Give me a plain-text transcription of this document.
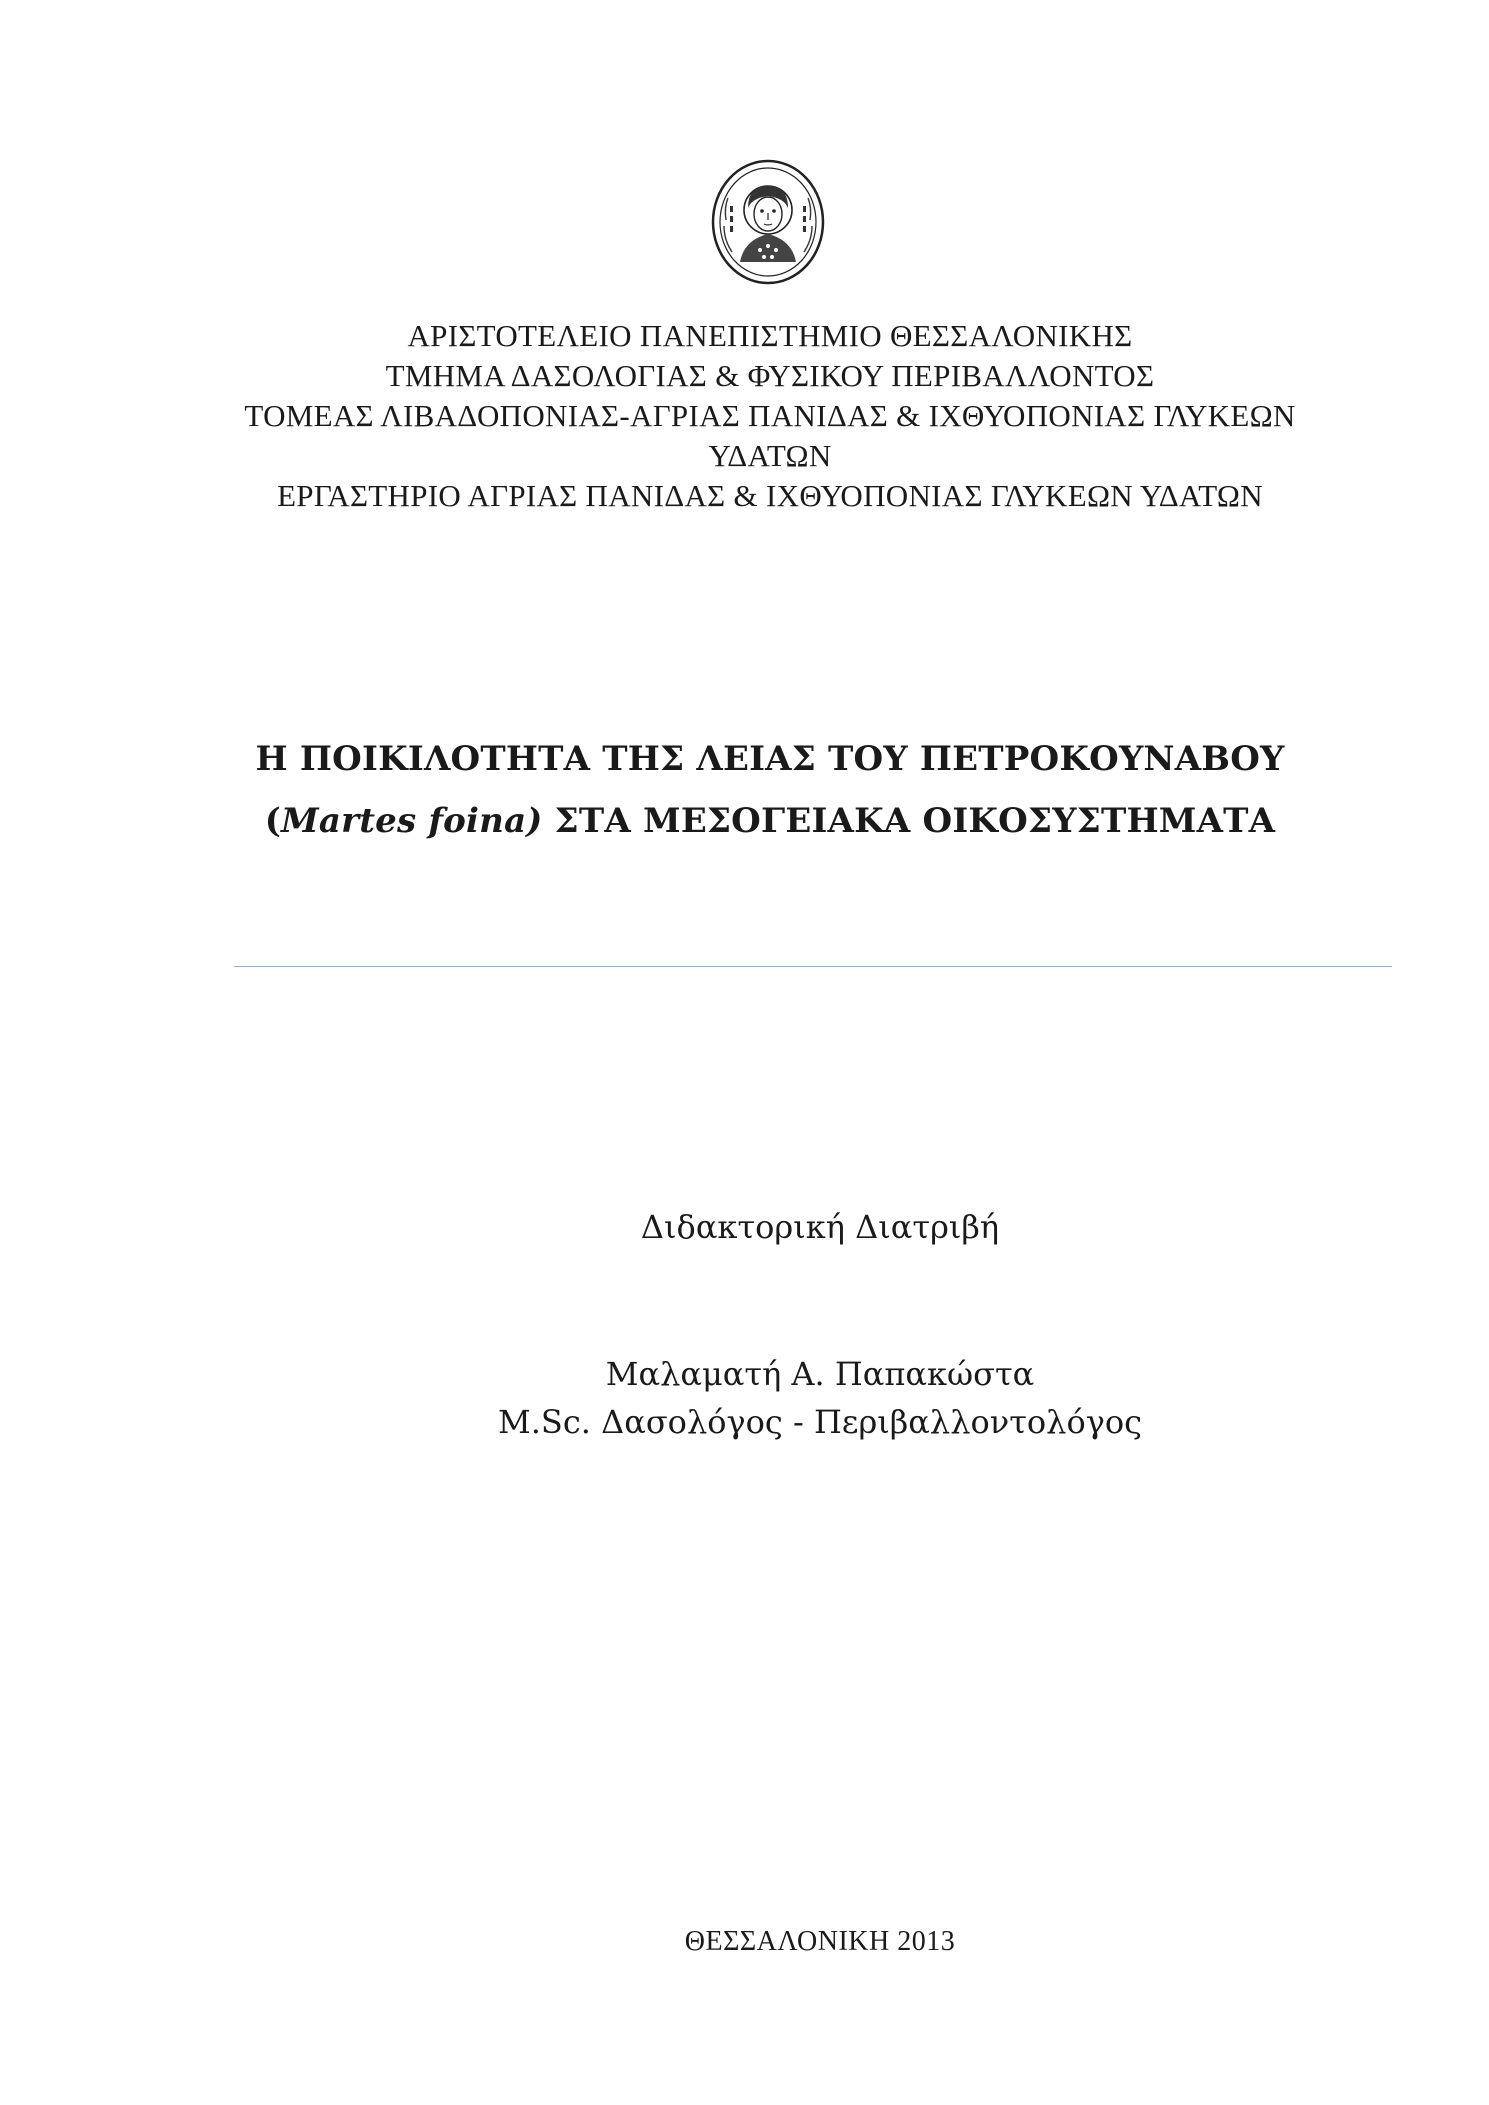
ΑΡΙΣΤΟΤΕΛΕΙΟ ΠΑΝΕΠΙΣΤΗΜΙΟ ΘΕΣΣΑΛΟΝΙΚΗΣ
ΤΜΗΜΑ ΔΑΣΟΛΟΓΙΑΣ & ΦΥΣΙΚΟΥ ΠΕΡΙΒΑΛΛΟΝΤΟΣ
ΤΟΜΕΑΣ ΛΙΒΑΔΟΠΟΝΙΑΣ-ΑΓΡΙΑΣ ΠΑΝΙΔΑΣ & ΙΧΘΥΟΠΟΝΙΑΣ ΓΛΥΚΕΩΝ
ΥΔΑΤΩΝ
ΕΡΓΑΣΤΗΡΙΟ ΑΓΡΙΑΣ ΠΑΝΙΔΑΣ & ΙΧΘΥΟΠΟΝΙΑΣ ΓΛΥΚΕΩΝ ΥΔΑΤΩΝ
Η ΠΟΙΚΙΛΟΤΗΤΑ ΤΗΣ ΛΕΙΑΣ ΤΟΥ ΠΕΤΡΟΚΟΥΝΑΒΟΥ
(Martes foina) ΣΤΑ ΜΕΣΟΓΕΙΑΚΑ ΟΙΚΟΣΥΣΤΗΜΑΤΑ
Διδακτορική Διατριβή
Μαλαματή Α. Παπακώστα
M.Sc. Δασολόγος - Περιβαλλοντολόγος
ΘΕΣΣΑΛΟΝΙΚΗ 2013
